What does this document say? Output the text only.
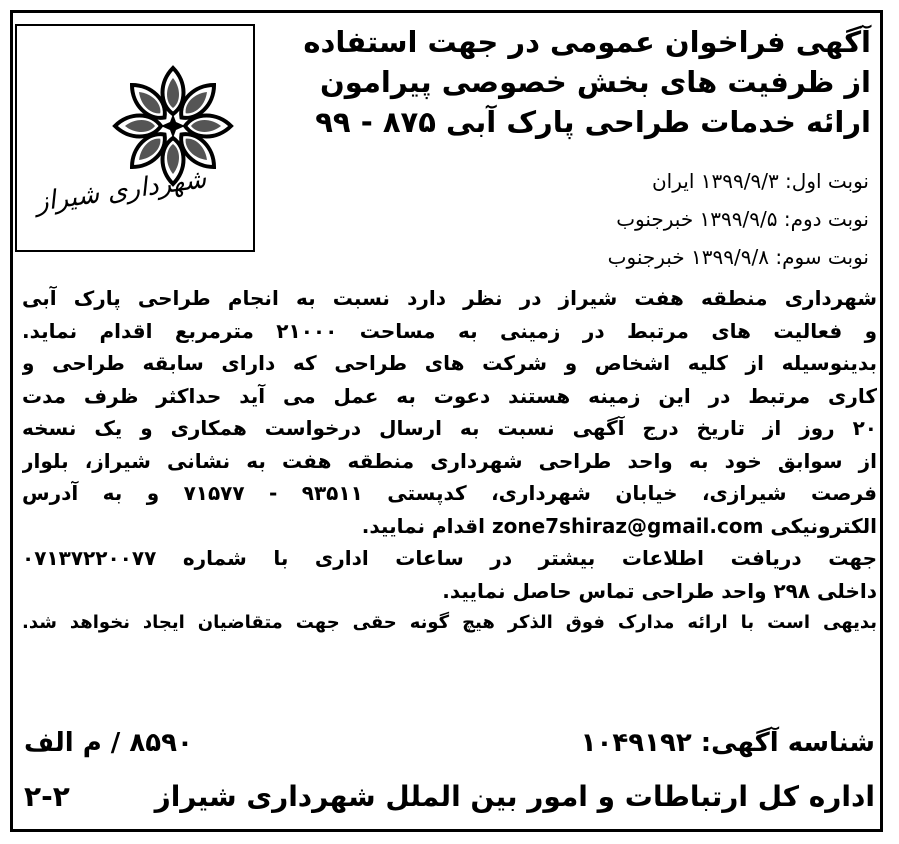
شهرداری شیراز
آگهی فراخوان عمومی در جهت استفاده
از ظرفیت های بخش خصوصی پیرامون
ارائه خدمات طراحی پارک آبی ۸۷۵ - ۹۹
نوبت اول: ۱۳۹۹/۹/۳ ایران
نوبت دوم: ۱۳۹۹/۹/۵ خبرجنوب
نوبت سوم: ۱۳۹۹/۹/۸ خبرجنوب
شهرداری منطقه هفت شیراز در نظر دارد نسبت به انجام طراحی پارک آبی
و فعالیت های مرتبط در زمینی به مساحت ۲۱۰۰۰ مترمربع اقدام نماید.
بدینوسیله از کلیه اشخاص و شرکت های طراحی که دارای سابقه طراحی و
کاری مرتبط در این زمینه هستند دعوت به عمل می آید حداکثر ظرف مدت
۲۰ روز از تاریخ درج آگهی نسبت به ارسال درخواست همکاری و یک نسخه
از سوابق خود به واحد طراحی شهرداری منطقه هفت به نشانی شیراز، بلوار
فرصت شیرازی، خیابان شهرداری، کدپستی ۹۳۵۱۱ - ۷۱۵۷۷ و به آدرس
الکترونیکی zone7shiraz@gmail.com اقدام نمایید.
جهت دریافت اطلاعات بیشتر در ساعات اداری با شماره ۰۷۱۳۷۲۲۰۰۷۷
داخلی ۲۹۸ واحد طراحی تماس حاصل نمایید.
بدیهی است با ارائه مدارک فوق الذکر هیچ گونه حقی جهت متقاضیان ایجاد نخواهد شد.
شناسه آگهی: ۱۰۴۹۱۹۲
۸۵۹۰ / م الف
اداره کل ارتباطات و امور بین الملل شهرداری شیراز
۲-۲
